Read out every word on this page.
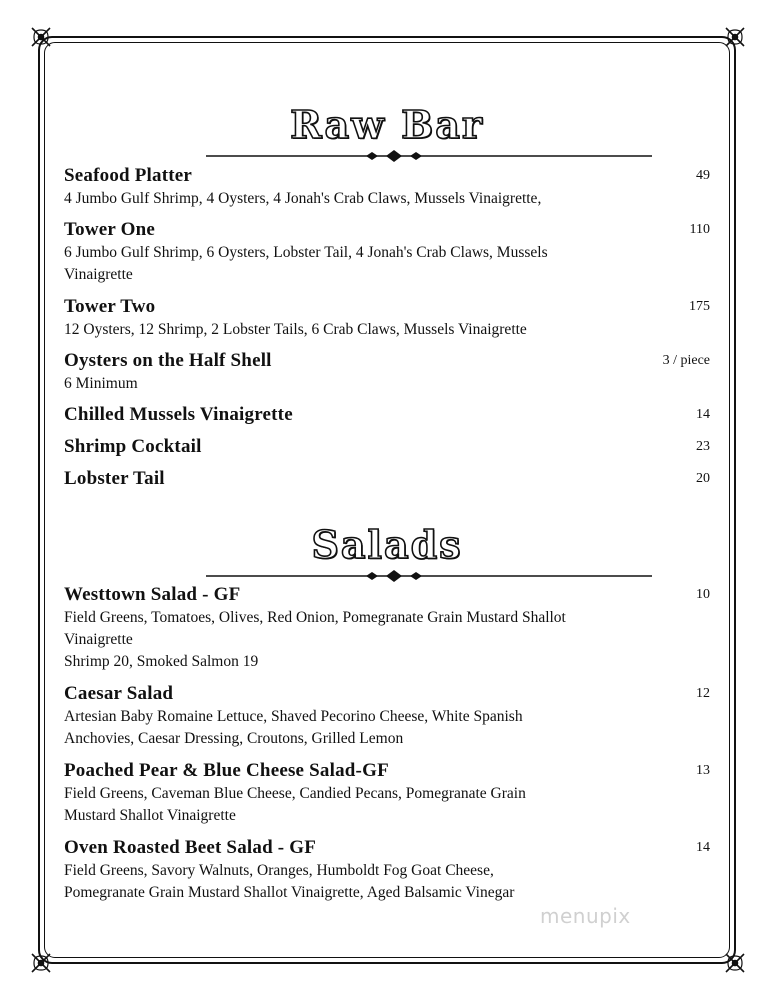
Raw Bar
Seafood Platter	49
4 Jumbo Gulf Shrimp, 4 Oysters, 4 Jonah's Crab Claws, Mussels Vinaigrette,
Tower One	110
6 Jumbo Gulf Shrimp, 6 Oysters, Lobster Tail, 4 Jonah's Crab Claws, Mussels
Vinaigrette
Tower Two	175
12 Oysters, 12 Shrimp, 2 Lobster Tails, 6 Crab Claws, Mussels Vinaigrette
Oysters on the Half Shell	3 / piece
6 Minimum
Chilled Mussels Vinaigrette	14
Shrimp Cocktail	23
Lobster Tail	20
Salads
Westtown Salad - GF	10
Field Greens, Tomatoes, Olives, Red Onion, Pomegranate Grain Mustard Shallot
Vinaigrette
Shrimp 20, Smoked Salmon 19
Caesar Salad	12
Artesian Baby Romaine Lettuce, Shaved Pecorino Cheese, White Spanish
Anchovies, Caesar Dressing, Croutons, Grilled Lemon
Poached Pear & Blue Cheese Salad-GF	13
Field Greens, Caveman Blue Cheese, Candied Pecans, Pomegranate Grain
Mustard Shallot Vinaigrette
Oven Roasted Beet Salad - GF	14
Field Greens, Savory Walnuts, Oranges, Humboldt Fog Goat Cheese,
Pomegranate Grain Mustard Shallot Vinaigrette, Aged Balsamic Vinegar
menupix
